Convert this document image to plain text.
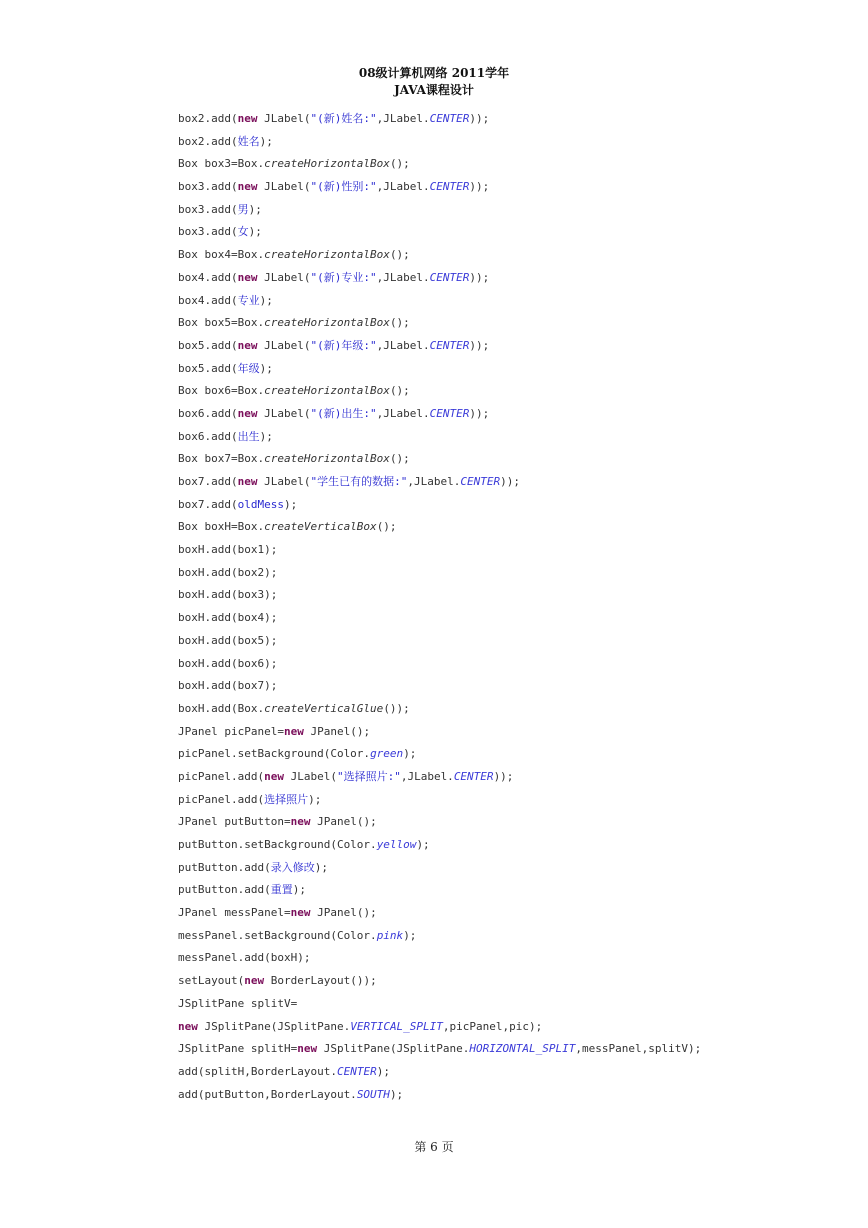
08级计算机网络 2011学年
JAVA课程设计
box2.add(new JLabel("(新)姓名:",JLabel.CENTER));
box2.add(姓名);
Box box3=Box.createHorizontalBox();
box3.add(new JLabel("(新)性别:",JLabel.CENTER));
box3.add(男);
box3.add(女);
Box box4=Box.createHorizontalBox();
box4.add(new JLabel("(新)专业:",JLabel.CENTER));
box4.add(专业);
Box box5=Box.createHorizontalBox();
box5.add(new JLabel("(新)年级:",JLabel.CENTER));
box5.add(年级);
Box box6=Box.createHorizontalBox();
box6.add(new JLabel("(新)出生:",JLabel.CENTER));
box6.add(出生);
Box box7=Box.createHorizontalBox();
box7.add(new JLabel("学生已有的数据:",JLabel.CENTER));
box7.add(oldMess);
Box boxH=Box.createVerticalBox();
boxH.add(box1);
boxH.add(box2);
boxH.add(box3);
boxH.add(box4);
boxH.add(box5);
boxH.add(box6);
boxH.add(box7);
boxH.add(Box.createVerticalGlue());
JPanel picPanel=new JPanel();
picPanel.setBackground(Color.green);
picPanel.add(new JLabel("选择照片:",JLabel.CENTER));
picPanel.add(选择照片);
JPanel putButton=new JPanel();
putButton.setBackground(Color.yellow);
putButton.add(录入修改);
putButton.add(重置);
JPanel messPanel=new JPanel();
messPanel.setBackground(Color.pink);
messPanel.add(boxH);
setLayout(new BorderLayout());
JSplitPane splitV=
new JSplitPane(JSplitPane.VERTICAL_SPLIT,picPanel,pic);
JSplitPane splitH=new JSplitPane(JSplitPane.HORIZONTAL_SPLIT,messPanel,splitV);
add(splitH,BorderLayout.CENTER);
add(putButton,BorderLayout.SOUTH);
第 6 页
